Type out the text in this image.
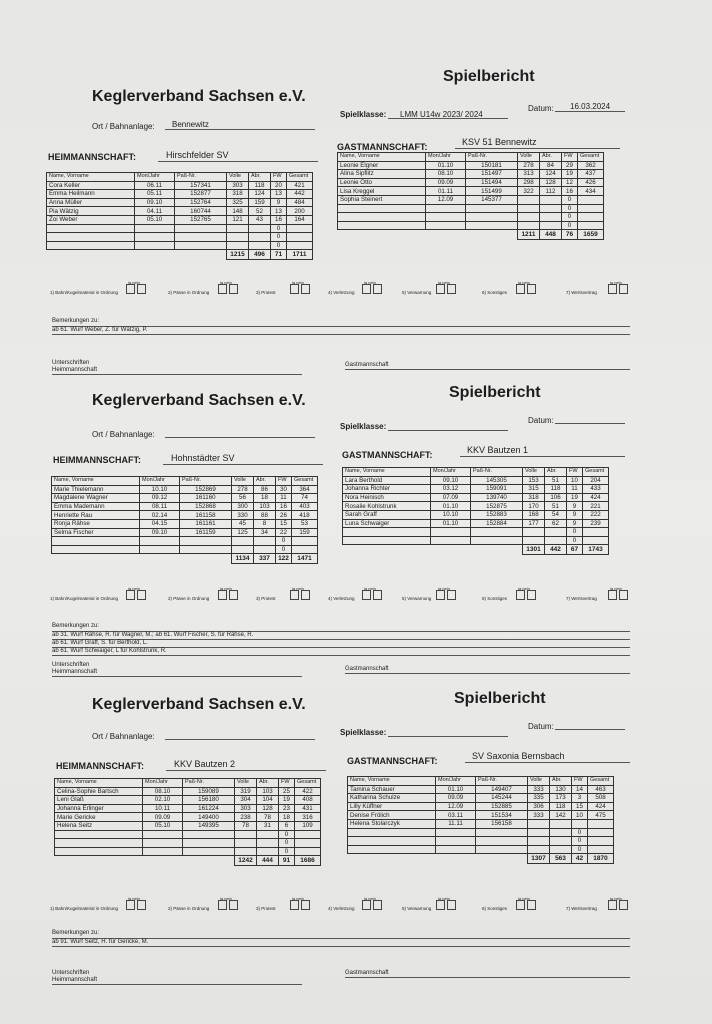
Keglerverband Sachsen e.V.
Spielbericht
Ort / Bahnanlage: Bennewitz
Spielklasse: LMM U14w 2023/ 2024
Datum: 16.03.2024
HEIMMANNSCHAFT:	Hirschfelder SV
GASTMANNSCHAFT:	KSV 51 Bennewitz
Name, Vorname	Mon/Jahr	Paß-Nr.	Volle	Abr.	FW	Gesamt
Cora Keller	06.11	157341	303	118	20	421
Emma Heilmann	05.11	152877	318	124	13	442
Anna Müller	09.10	152764	325	159	9	484
Pia Wätzig	04.11	160744	148	52	13	200
Zoi Weber	05.10	152765	121	43	16	164
					0	
					0	
					0	
			1215	496	71	1711
Name, Vorname	Mon/Jahr	Paß-Nr.	Volle	Abr.	FW	Gesamt
Leonie Elgner	01.10	150181	278	84	29	362
Alina Sipflitz	08.10	151497	313	124	19	437
Leonie Otto	09.09	151494	298	128	12	426
Lisa Kreggel	01.11	151499	322	112	16	434
Sophia Steinert	12.09	145377			0	
					0	
					0	
					0	
			1211	448	76	1659
1) Bahn/Kugelmaterial in Ordnung
ja nein
2) Pässe in Ordnung
ja nein
3) Protest
ja nein
4) Verletzung
ja nein
5) Verwarnung
ja nein
6) Sonstiges
ja nein
7) Wertsvertrag
ja nein
Bemerkungen zu:
ab 61. Wurf Weber, Z. für Wätzig, P.
Unterschriften
Heimmannschaft
Gastmannschaft
Keglerverband Sachsen e.V.	Spielbericht
Ort / Bahnanlage:
Spielklasse:
Datum:
HEIMMANNSCHAFT:	Hohnstädter SV	GASTMANNSCHAFT:	KKV Bautzen 1
Name, Vorname	Mon/Jahr	Paß-Nr.	Volle	Abr.	FW	Gesamt
Marie Thielemann	10.10	152869	278	86	30	364
Magdalene Wagner	09.12	161160	56	18	11	74
Emma Mademann	08.11	152868	300	103	16	403
Henriette Rau	02.14	161158	330	88	26	418
Ronja Rähse	04.15	161161	45	8	15	53
Selma Fischer	09.10	161159	125	34	22	159
					0	
					0	
			1134	337	122	1471
Name, Vorname	Mon/Jahr	Paß-Nr.	Volle	Abr.	FW	Gesamt
Lara Berthold	09.10	145305	153	51	10	204
Johanna Richter	03.12	159091	315	118	11	433
Nora Heinisch	07.09	139740	318	106	19	424
Rosalie Kohlstrunk	01.10	152875	170	51	9	221
Sarah Graff	10.10	152883	168	54	9	222
Luna Schwaiger	01.10	152884	177	62	9	239
					0	
					0	
			1301	442	67	1743
1) Bahn/Kugelmaterial in Ordnung
ja nein
2) Pässe in Ordnung
ja nein
3) Protest
ja nein
4) Verletzung
ja nein
5) Verwarnung
ja nein
6) Sonstiges
ja nein
7) Wertsvertrag
ja nein
Bemerkungen zu:
ab 31. Wurf Rähse, R. für Wagner, M.; ab 61. Wurf Fischer, S. für Rähse, R.
ab 61. Wurf Graff, S. für Berthold, L.
ab 61. Wurf Schwaiger, L für Kohlstrunk, R.
Unterschriften
Heimmannschaft	Gastmannschaft
Keglerverband Sachsen e.V.	Spielbericht
Ort / Bahnanlage:	Spielklasse:
Datum:
HEIMMANNSCHAFT:	KKV Bautzen 2	GASTMANNSCHAFT:	SV Saxonia Bernsbach
Name, Vorname	Mon/Jahr	Paß-Nr.	Volle	Abr.	FW	Gesamt
Celina-Sophie Bartsch	08.10	159089	319	103	25	422
Leni Glaß	02.10	156180	304	104	19	408
Johanna Erlinger	10.11	161224	303	128	23	431
Marie Gericke	09.09	149400	238	78	18	316
Helena Seitz	05.10	149395	78	31	6	109
					0	
					0	
					0	
			1242	444	91	1686
Name, Vorname	Mon/Jahr	Paß-Nr.	Volle	Abr.	FW	Gesamt
Tamina Schauer	01.10	149407	333	130	14	463
Katharina Schulze	09.09	145244	335	173	3	508
Lilly Küffner	12.09	152885	306	118	15	424
Denise Frölich	03.11	151534	333	142	10	475
Helena Stolarczyk	11.11	156158				
					0	
					0	
					0	
			1307	563	42	1870
1) Bahn/Kugelmaterial in Ordnung
ja nein
2) Pässe in Ordnung
ja nein
3) Protest
ja nein
4) Verletzung
ja nein
5) Verwarnung
ja nein
6) Sonstiges
ja nein
7) Wertsvertrag
ja nein
Bemerkungen zu:
ab 91. Wurf Seitz, H. für Gericke, M.
Unterschriften
Heimmannschaft
Gastmannschaft
